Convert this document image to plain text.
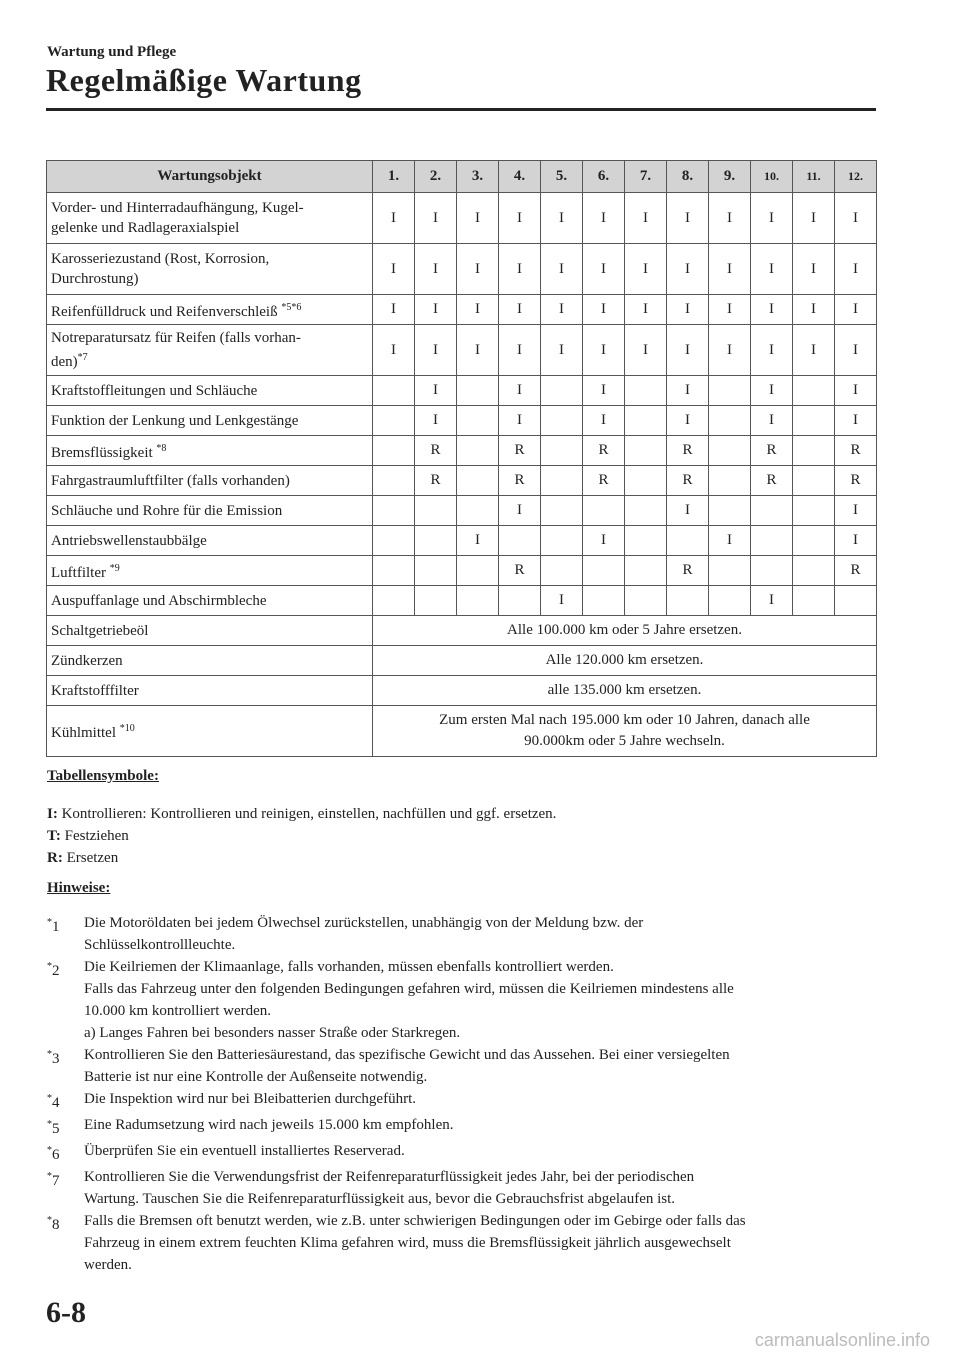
Wartung und Pflege
Regelmäßige Wartung
Wartungsobjekt	1.	2.	3.	4.	5.	6.	7.	8.	9.	10.	11.	12.
Vorder- und Hinterradaufhängung, Kugel-
gelenke und Radlageraxialspiel	I	I	I	I	I	I	I	I	I	I	I	I
Karosseriezustand (Rost, Korrosion,
Durchrostung)	I	I	I	I	I	I	I	I	I	I	I	I
Reifenfülldruck und Reifenverschleiß $^{*5*6}$	I	I	I	I	I	I	I	I	I	I	I	I
Notreparatursatz für Reifen (falls vorhan-
den)$^{*7}$	I	I	I	I	I	I	I	I	I	I	I	I
Kraftstoffleitungen und Schläuche		I		I		I		I		I		I
Funktion der Lenkung und Lenkgestänge		I		I		I		I		I		I
Bremsflüssigkeit $^{*8}$		R		R		R		R		R		R
Fahrgastraumluftfilter (falls vorhanden)		R		R		R		R		R		R
Schläuche und Rohre für die Emission				I				I				I
Antriebswellenstaubbälge			I			I			I			I
Luftfilter $^{*9}$				R				R				R
Auspuffanlage und Abschirmbleche					I					I		
Schaltgetriebeöl	Alle 100.000 km oder 5 Jahre ersetzen.											
Zündkerzen	Alle 120.000 km ersetzen.											
Kraftstofffilter	alle 135.000 km ersetzen.											
Kühlmittel $^{*10}$	Zum ersten Mal nach 195.000 km oder 10 Jahren, danach alle
90.000km oder 5 Jahre wechseln.											
Tabellensymbole:
I: Kontrollieren: Kontrollieren und reinigen, einstellen, nachfüllen und ggf. ersetzen.
T: Festziehen
R: Ersetzen
Hinweise:
*1	Die Motoröldaten bei jedem Ölwechsel zurückstellen, unabhängig von der Meldung bzw. der
Schlüsselkontrollleuchte.
*2	Die Keilriemen der Klimaanlage, falls vorhanden, müssen ebenfalls kontrolliert werden.
Falls das Fahrzeug unter den folgenden Bedingungen gefahren wird, müssen die Keilriemen mindestens alle
10.000 km kontrolliert werden.
a) Langes Fahren bei besonders nasser Straße oder Starkregen.
*3	Kontrollieren Sie den Batteriesäurestand, das spezifische Gewicht und das Aussehen. Bei einer versiegelten
Batterie ist nur eine Kontrolle der Außenseite notwendig.
*4	Die Inspektion wird nur bei Bleibatterien durchgeführt.
*5	Eine Radumsetzung wird nach jeweils 15.000 km empfohlen.
*6	Überprüfen Sie ein eventuell installiertes Reserverad.
*7	Kontrollieren Sie die Verwendungsfrist der Reifenreparaturflüssigkeit jedes Jahr, bei der periodischen
Wartung. Tauschen Sie die Reifenreparaturflüssigkeit aus, bevor die Gebrauchsfrist abgelaufen ist.
*8	Falls die Bremsen oft benutzt werden, wie z.B. unter schwierigen Bedingungen oder im Gebirge oder falls das
Fahrzeug in einem extrem feuchten Klima gefahren wird, muss die Bremsflüssigkeit jährlich ausgewechselt
werden.
6-8
carmanualsonline.info
